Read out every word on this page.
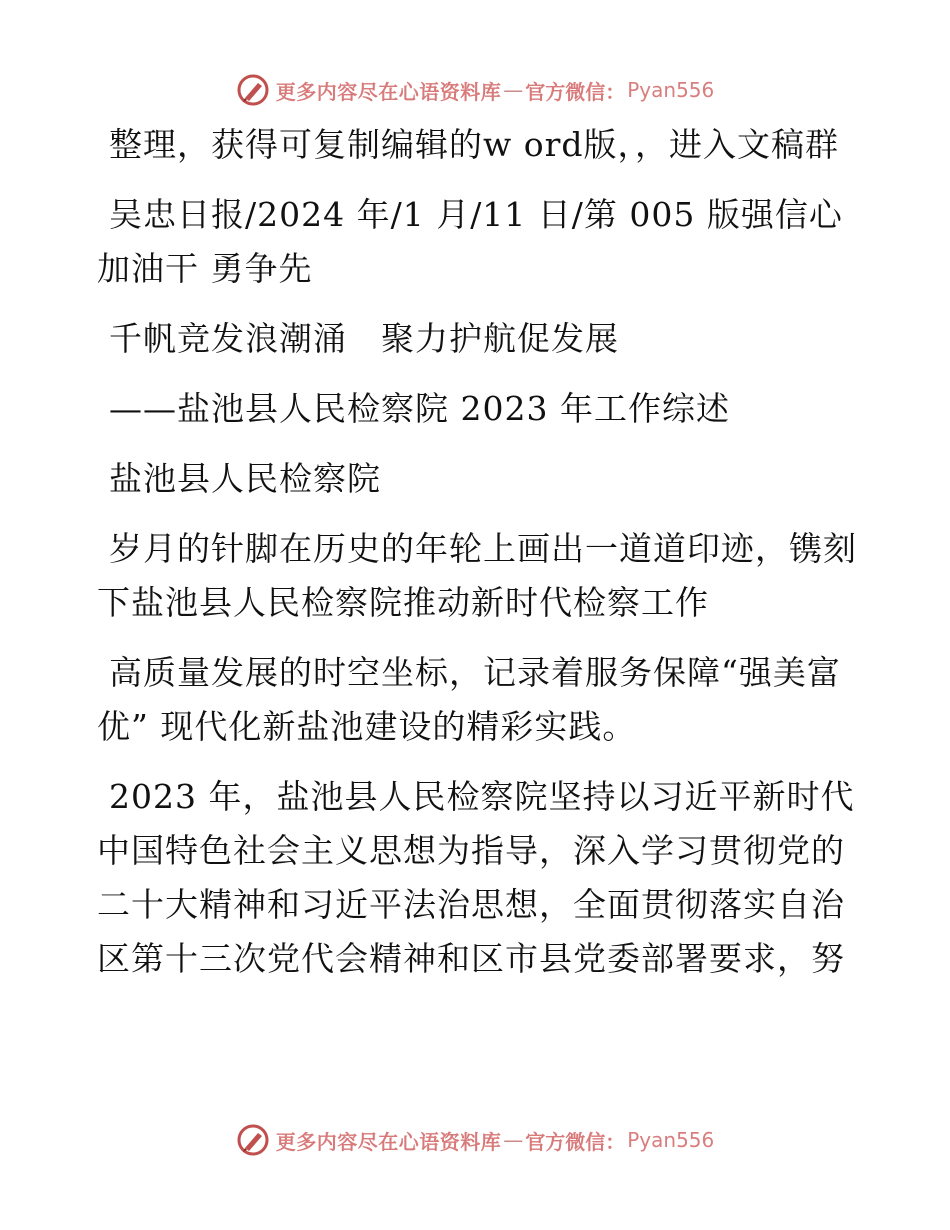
更多内容尽在心语资料库 — 官方微信： Pyan556

整理，获得可复制编辑的w ord版，，进入文稿群

吴忠日报/2024 年/1 月/11 日/第 005 版强信心加油干 勇争先

千帆竞发浪潮涌　聚力护航促发展

——盐池县人民检察院 2023 年工作综述

盐池县人民检察院

岁月的针脚在历史的年轮上画出一道道印迹，镌刻下盐池县人民检察院推动新时代检察工作

高质量发展的时空坐标，记录着服务保障“强美富优” 现代化新盐池建设的精彩实践。

2023 年，盐池县人民检察院坚持以习近平新时代中国特色社会主义思想为指导，深入学习贯彻党的二十大精神和习近平法治思想，全面贯彻落实自治区第十三次党代会精神和区市县党委部署要求，努

更多内容尽在心语资料库 — 官方微信： Pyan556
